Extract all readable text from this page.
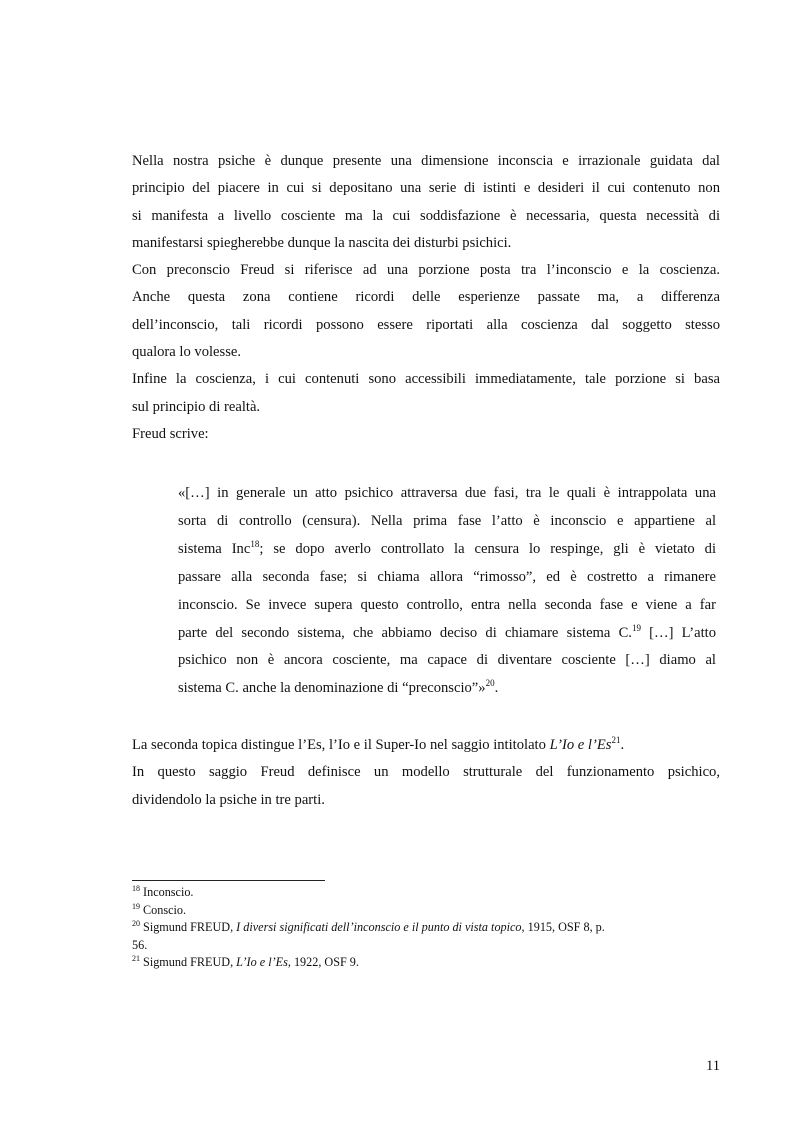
Nella nostra psiche è dunque presente una dimensione inconscia e irrazionale guidata dal
principio del piacere in cui si depositano una serie di istinti e desideri il cui contenuto non
si manifesta a livello cosciente ma la cui soddisfazione è necessaria, questa necessità di
manifestarsi spiegherebbe dunque la nascita dei disturbi psichici.

Con preconscio Freud si riferisce ad una porzione posta tra l’inconscio e la coscienza.
Anche questa zona contiene ricordi delle esperienze passate ma, a differenza
dell’inconscio, tali ricordi possono essere riportati alla coscienza dal soggetto stesso
qualora lo volesse.

Infine la coscienza, i cui contenuti sono accessibili immediatamente, tale porzione si basa
sul principio di realtà.

Freud scrive:

«[…] in generale un atto psichico attraversa due fasi, tra le quali è intrappolata una
sorta di controllo (censura). Nella prima fase l’atto è inconscio e appartiene al
sistema Inc$^{18}$; se dopo averlo controllato la censura lo respinge, gli è vietato di
passare alla seconda fase; si chiama allora “rimosso”, ed è costretto a rimanere
inconscio. Se invece supera questo controllo, entra nella seconda fase e viene a far
parte del secondo sistema, che abbiamo deciso di chiamare sistema C.$^{19}$ […] L’atto
psichico non è ancora cosciente, ma capace di diventare cosciente […] diamo al
sistema C. anche la denominazione di “preconscio”»$^{20}$.

La seconda topica distingue l’Es, l’Io e il Super-Io nel saggio intitolato L’Io e l’Es$^{21}$.

In questo saggio Freud definisce un modello strutturale del funzionamento psichico,
dividendolo la psiche in tre parti.

$^{18}$ Inconscio.

$^{19}$ Conscio.

$^{20}$ Sigmund FREUD, I diversi significati dell’inconscio e il punto di vista topico, 1915, OSF 8, p.
56.

$^{21}$ Sigmund FREUD, L’Io e l’Es, 1922, OSF 9.

11
